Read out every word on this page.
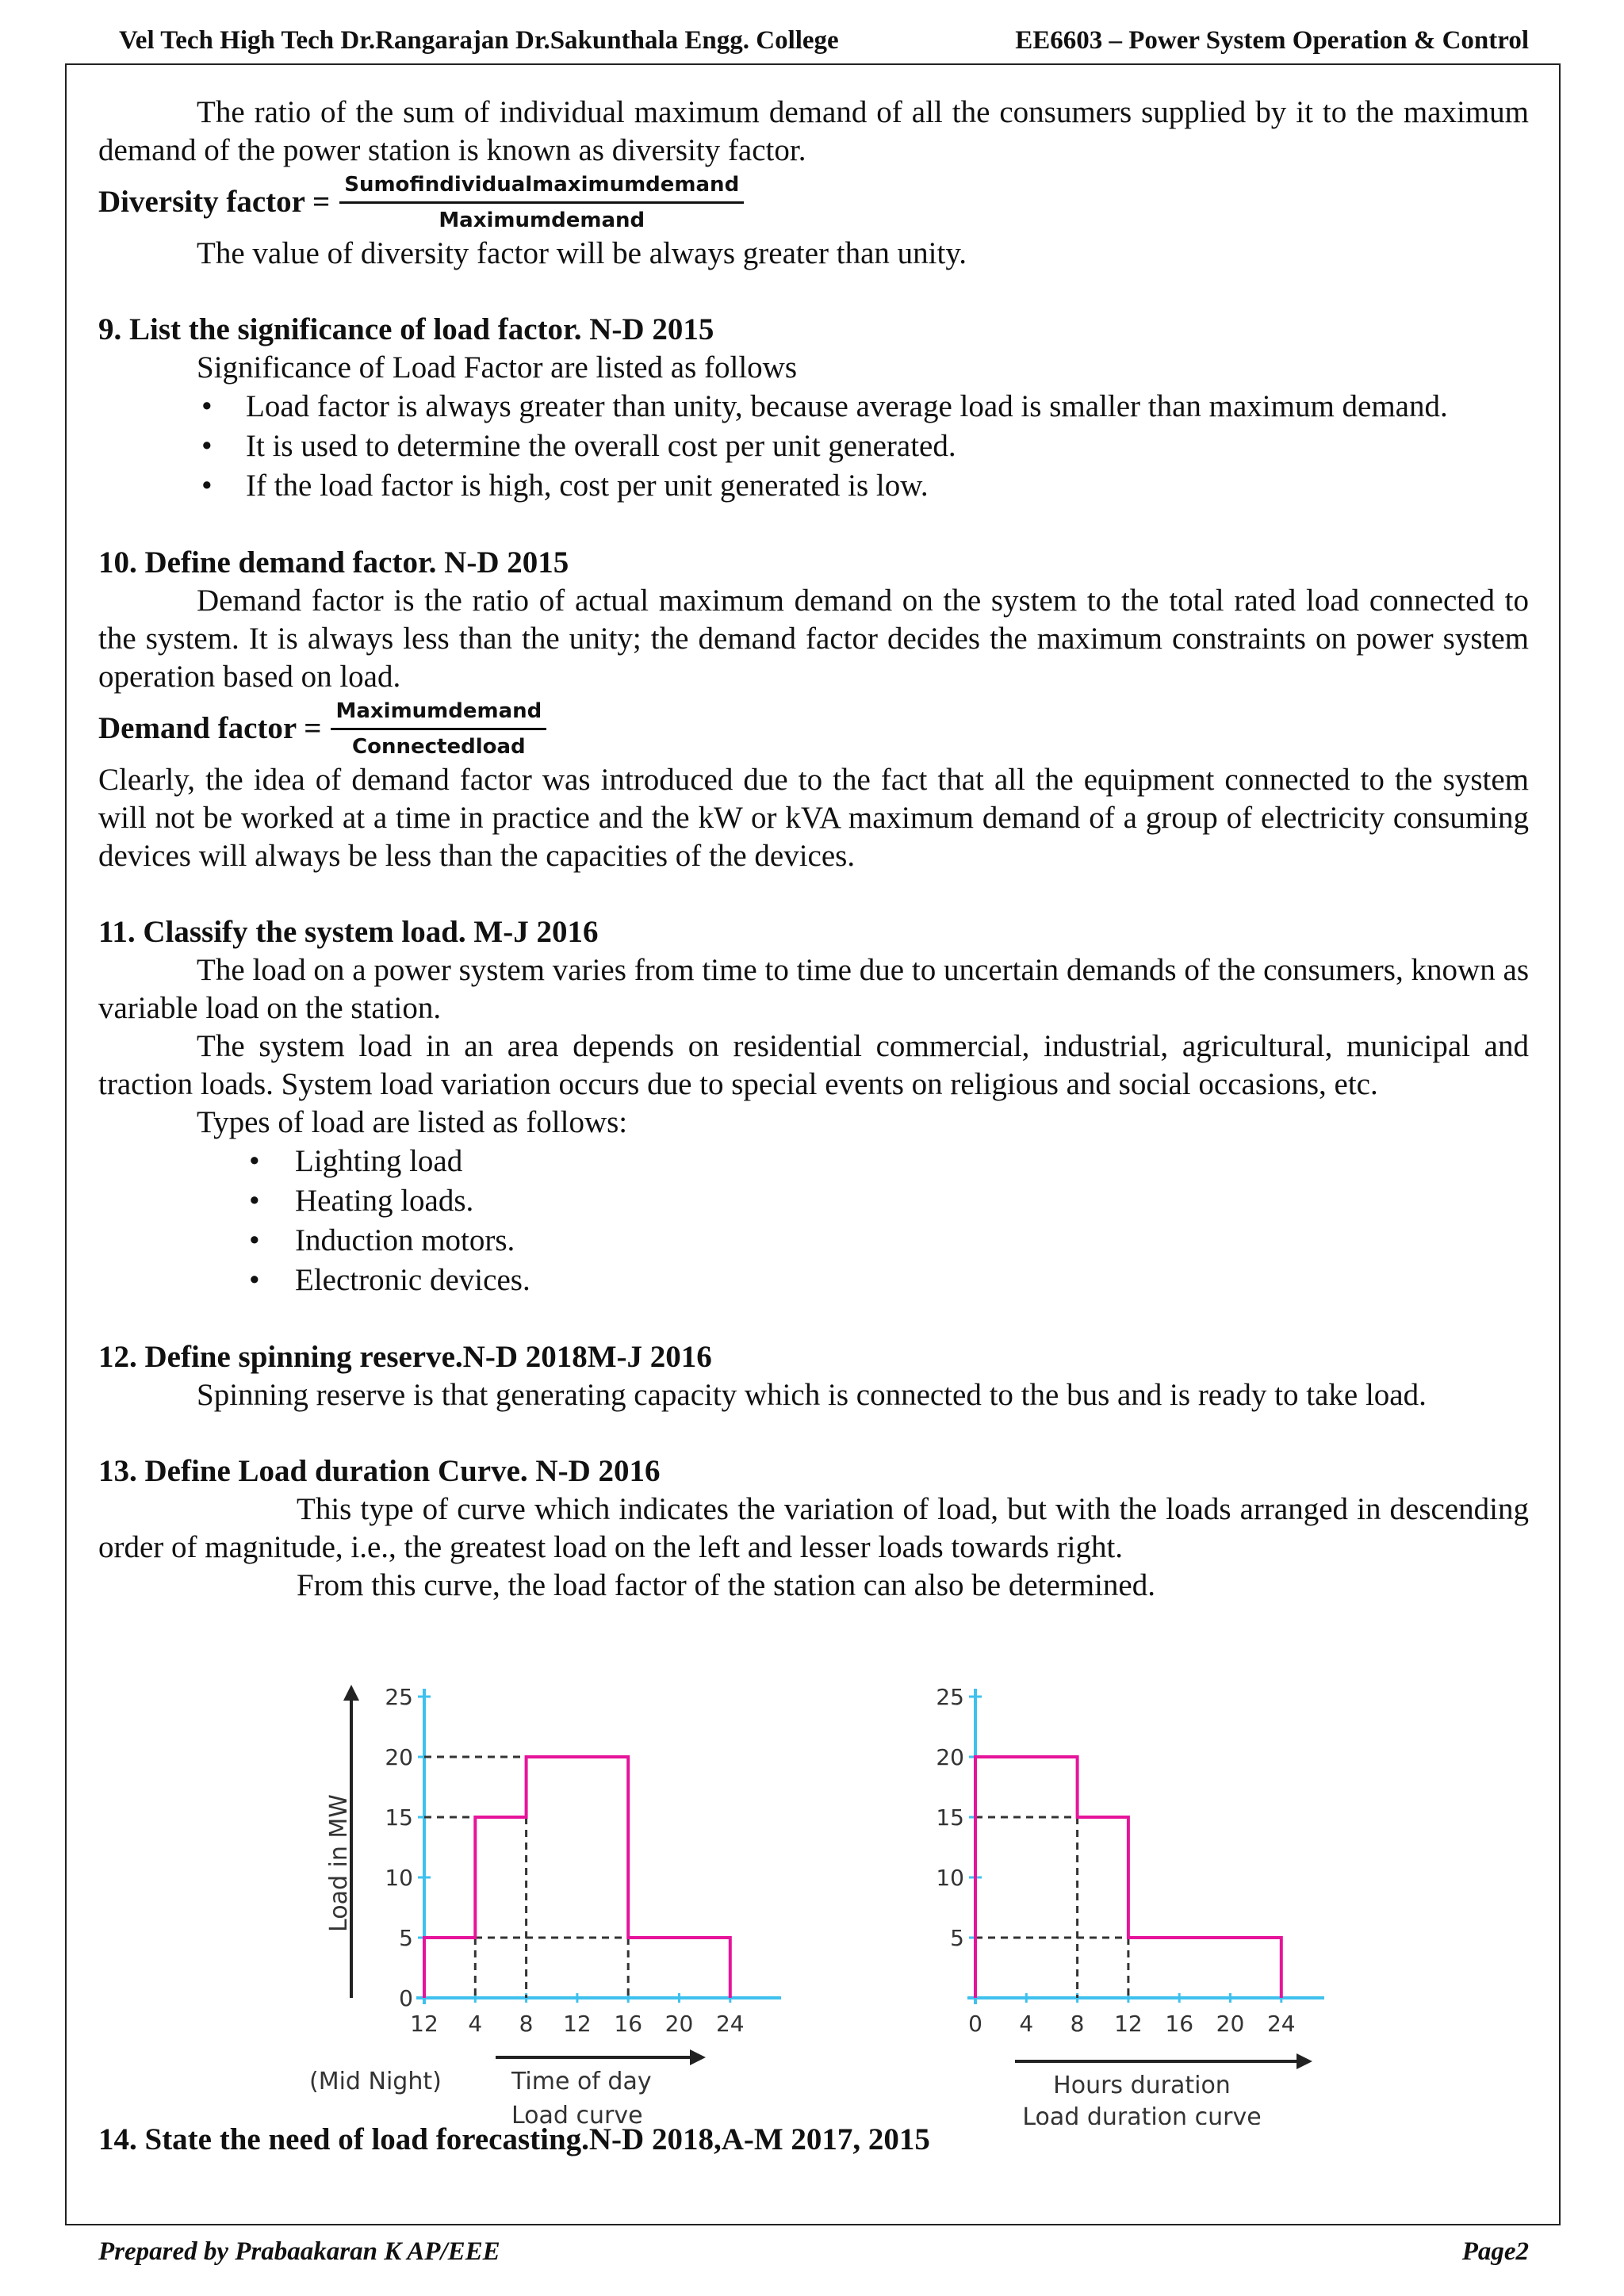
Vel Tech High Tech Dr.Rangarajan Dr.Sakunthala Engg. College	EE6603 – Power System Operation & Control

The ratio of the sum of individual maximum demand of all the consumers supplied by it to the maximum demand of the power station is known as diversity factor.

Diversity factor = $\frac{\text{Sumofindividualmaximumdemand}}{\text{Maximumdemand}}$

The value of diversity factor will be always greater than unity.

9. List the significance of load factor. N-D 2015

Significance of Load Factor are listed as follows

• Load factor is always greater than unity, because average load is smaller than maximum demand.
• It is used to determine the overall cost per unit generated.
• If the load factor is high, cost per unit generated is low.

10. Define demand factor. N-D 2015

Demand factor is the ratio of actual maximum demand on the system to the total rated load connected to the system. It is always less than the unity; the demand factor decides the maximum constraints on power system operation based on load.

Demand factor = $\frac{\text{Maximumdemand}}{\text{Connectedload}}$

Clearly, the idea of demand factor was introduced due to the fact that all the equipment connected to the system will not be worked at a time in practice and the kW or kVA maximum demand of a group of electricity consuming devices will always be less than the capacities of the devices.

11. Classify the system load. M-J 2016

The load on a power system varies from time to time due to uncertain demands of the consumers, known as variable load on the station.

The system load in an area depends on residential commercial, industrial, agricultural, municipal and traction loads. System load variation occurs due to special events on religious and social occasions, etc.

Types of load are listed as follows:

• Lighting load
• Heating loads.
• Induction motors.
• Electronic devices.

12. Define spinning reserve.N-D 2018M-J 2016

Spinning reserve is that generating capacity which is connected to the bus and is ready to take load.

13. Define Load duration Curve. N-D 2016

This type of curve which indicates the variation of load, but with the loads arranged in descending order of magnitude, i.e., the greatest load on the left and lesser loads towards right.

From this curve, the load factor of the station can also be determined.

12 4 8 12 16 20 24
0
5
10
15
20
25
Load in MW
(Mid Night)	Time of day
Load curve
0 4 8 12 16 20 24
5
10
15
20
25
Hours duration
Load duration curve
14. State the need of load forecasting.N-D 2018,A-M 2017, 2015
Prepared by Prabaakaran K AP/EEE	Page2
